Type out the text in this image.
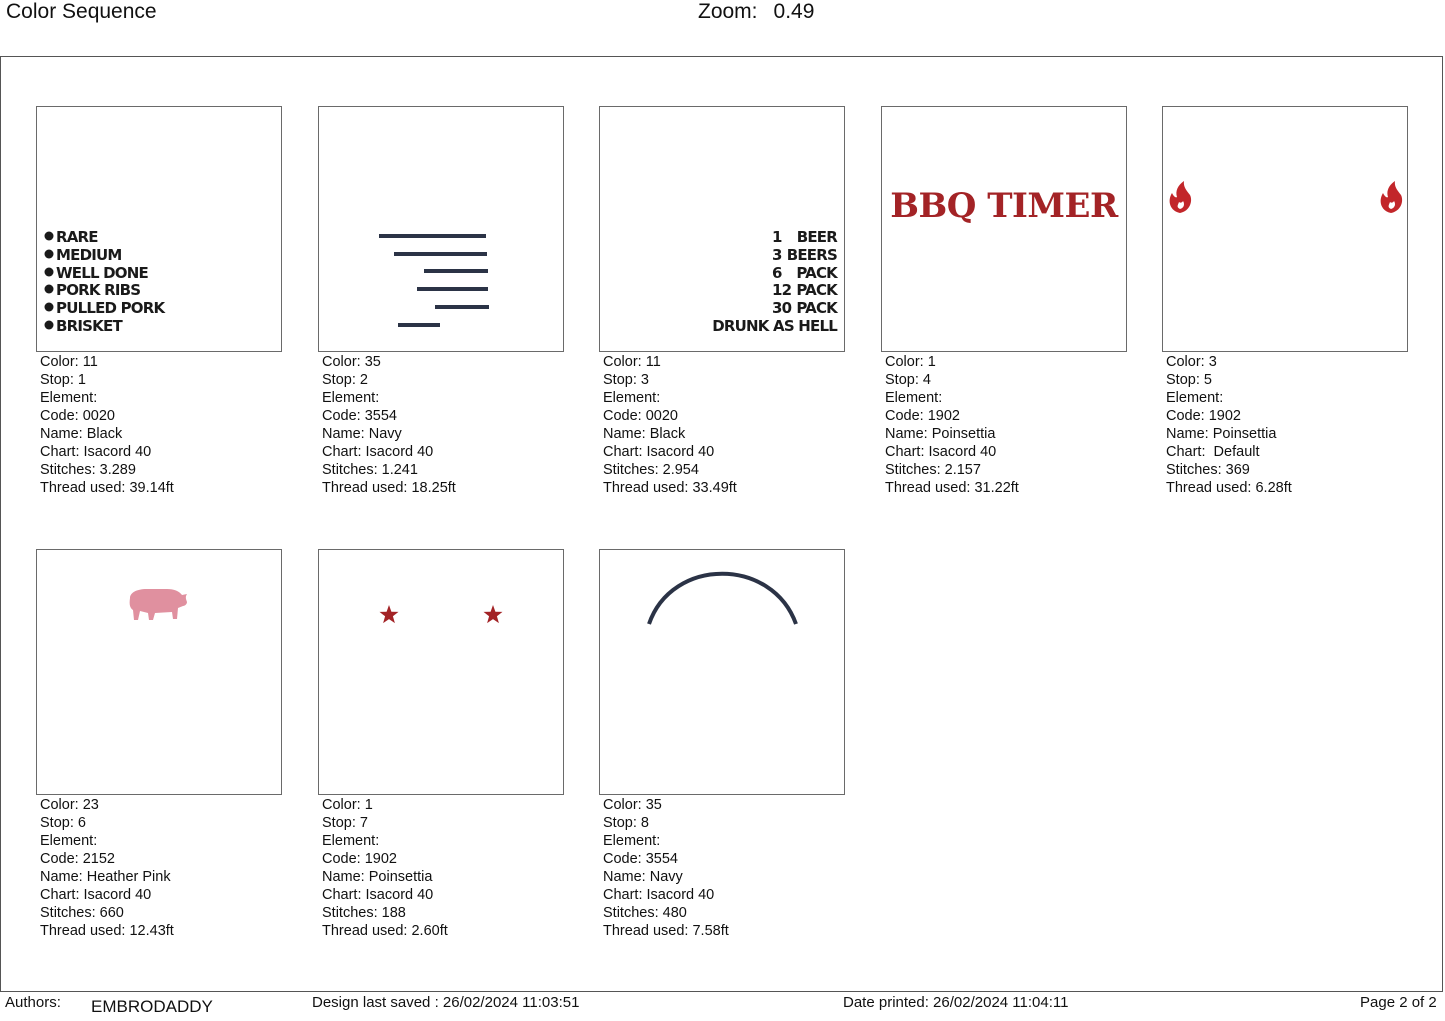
Color Sequence	Zoom: 0.49
RARE
MEDIUM
WELL DONE
PORK RIBS
PULLED PORK
BRISKET
1 BEER
3 BEERS
6 PACK
12 PACK
30 PACK
DRUNK AS HELL
BBQ TIMER
Color: 11
Stop: 1
Element:
Code: 0020
Name: Black
Chart: Isacord 40
Stitches: 3.289
Thread used: 39.14ft
Color: 35
Stop: 2
Element:
Code: 3554
Name: Navy
Chart: Isacord 40
Stitches: 1.241
Thread used: 18.25ft
Color: 11
Stop: 3
Element:
Code: 0020
Name: Black
Chart: Isacord 40
Stitches: 2.954
Thread used: 33.49ft
Color: 1
Stop: 4
Element:
Code: 1902
Name: Poinsettia
Chart: Isacord 40
Stitches: 2.157
Thread used: 31.22ft
Color: 3
Stop: 5
Element:
Code: 1902
Name: Poinsettia
Chart:  Default
Stitches: 369
Thread used: 6.28ft
Color: 23
Stop: 6
Element:
Code: 2152
Name: Heather Pink
Chart: Isacord 40
Stitches: 660
Thread used: 12.43ft
Color: 1
Stop: 7
Element:
Code: 1902
Name: Poinsettia
Chart: Isacord 40
Stitches: 188
Thread used: 2.60ft
Color: 35
Stop: 8
Element:
Code: 3554
Name: Navy
Chart: Isacord 40
Stitches: 480
Thread used: 7.58ft
Authors: EMBRODADDY	Design last saved : 26/02/2024 11:03:51	Date printed: 26/02/2024 11:04:11	Page 2 of 2
